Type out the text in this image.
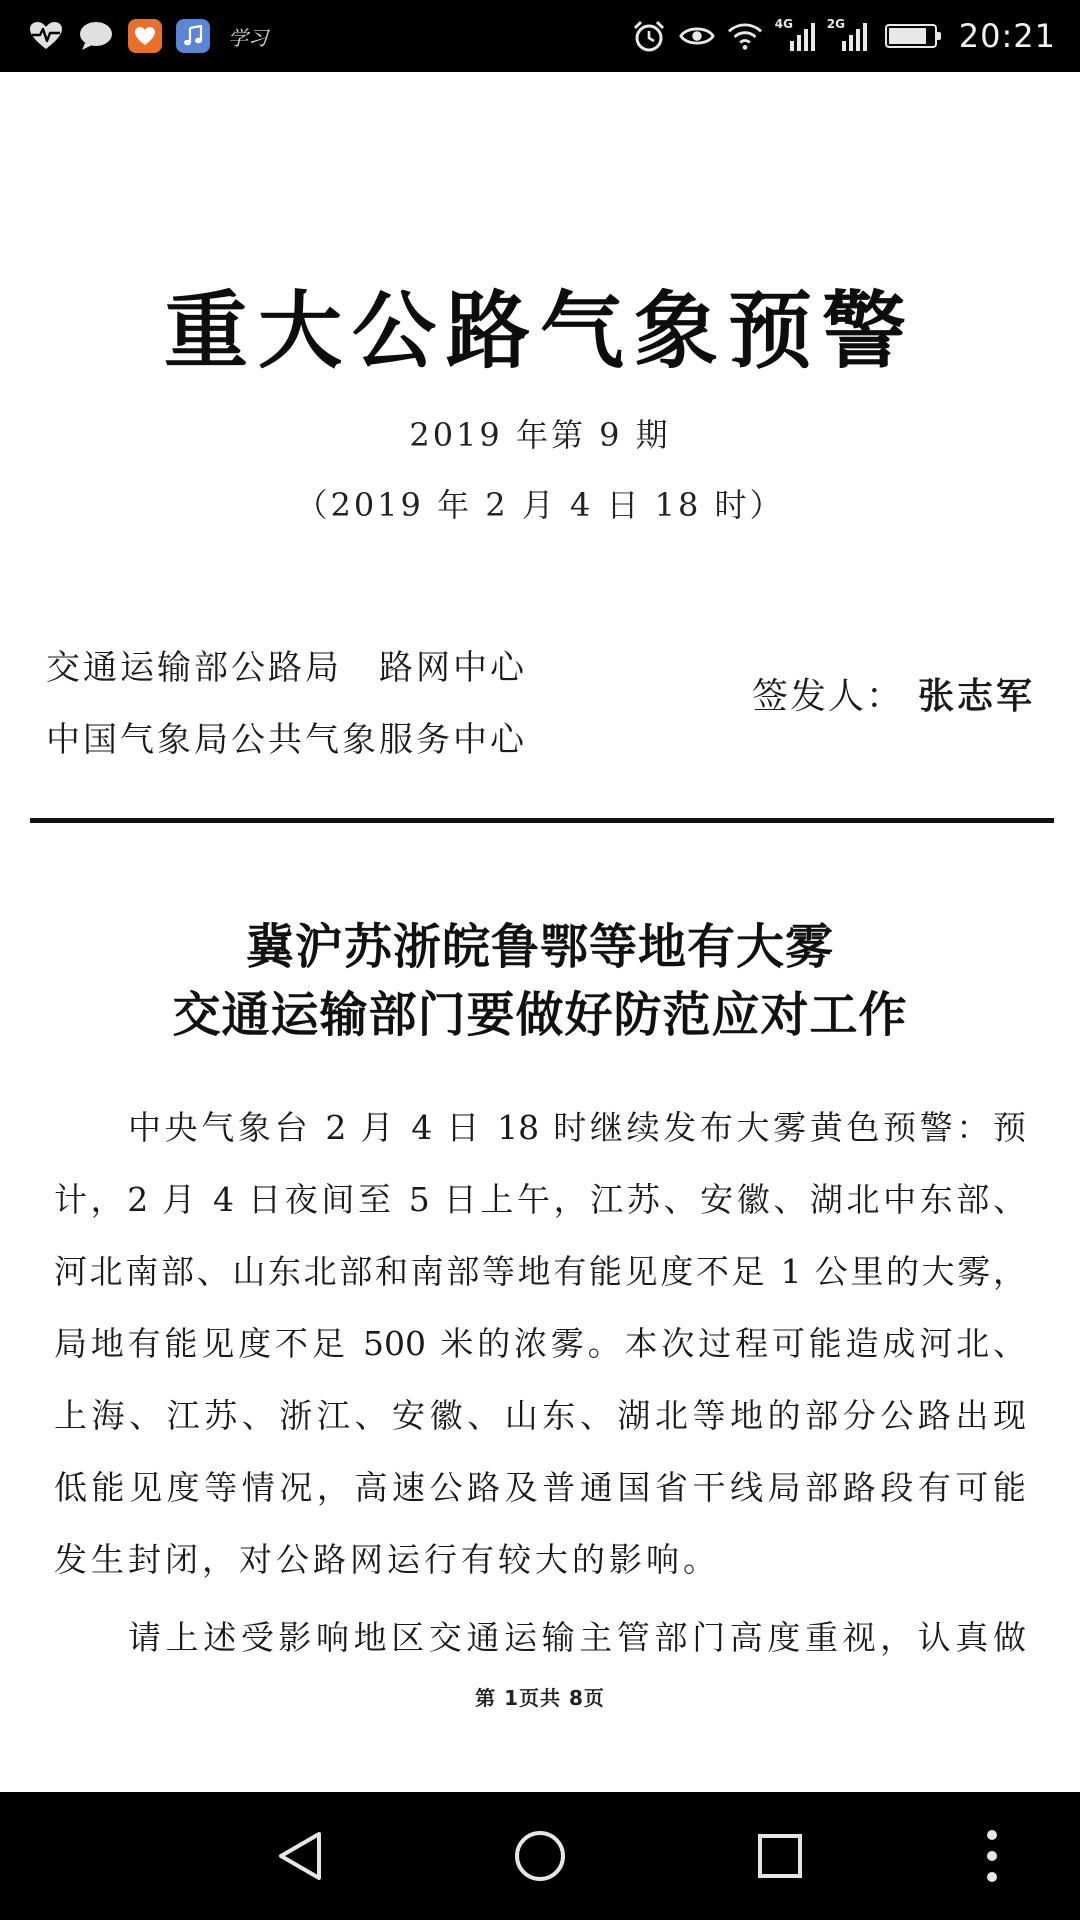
学习
4G	2G	20:21
重大公路气象预警
2019 年第 9 期
（2019 年 2 月 4 日 18 时）
交通运输部公路局　路网中心
中国气象局公共气象服务中心
签发人： 张志军
冀沪苏浙皖鲁鄂等地有大雾
交通运输部门要做好防范应对工作
中央气象台 2 月 4 日 18 时继续发布大雾黄色预警：预
计，2 月 4 日夜间至 5 日上午，江苏、安徽、湖北中东部、
河北南部、山东北部和南部等地有能见度不足 1 公里的大雾，
局地有能见度不足 500 米的浓雾。本次过程可能造成河北、
上海、江苏、浙江、安徽、山东、湖北等地的部分公路出现
低能见度等情况，高速公路及普通国省干线局部路段有可能
发生封闭，对公路网运行有较大的影响。
请上述受影响地区交通运输主管部门高度重视，认真做
第 1页共 8页
